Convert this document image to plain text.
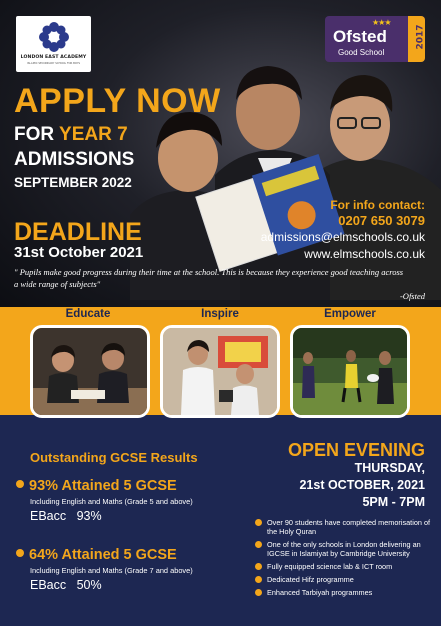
LONDON EAST ACADEMY
ISLAMIC SECONDARY SCHOOL FOR BOYS
★★★
Ofsted
Good School
2017
APPLY NOW
FOR YEAR 7
ADMISSIONS
SEPTEMBER 2022
DEADLINE
31st October 2021
For info contact:
0207 650 3079
admissions@elmschools.co.uk
www.elmschools.co.uk
" Pupils make good progress during their time at the school. This is because they experience good teaching across a wide range of subjects"
-Ofsted
Educate	Inspire	Empower
Outstanding GCSE Results
93% Attained 5 GCSE
Including English and Maths (Grade 5 and above)
EBacc 93%
64% Attained 5 GCSE
Including English and Maths (Grade 7 and above)
EBacc 50%
OPEN EVENING
THURSDAY,
21st OCTOBER, 2021
5PM - 7PM
Over 90 students have completed memorisation of the Holy Quran
One of the only schools in London delivering an IGCSE in Islamiyat by Cambridge University
Fully equipped science lab & ICT room
Dedicated Hifz programme
Enhanced Tarbiyah programmes
